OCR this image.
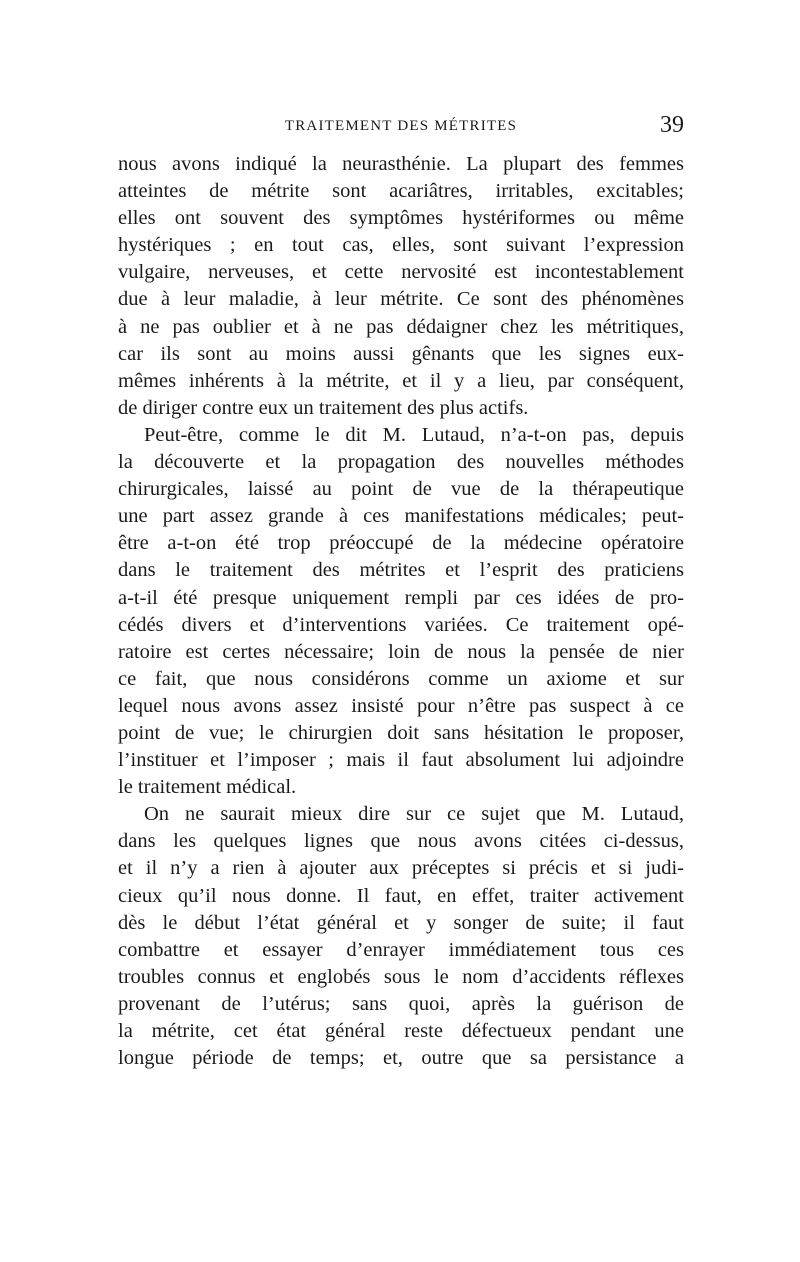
TRAITEMENT DES MÉTRITES	39
nous avons indiqué la neurasthénie. La plupart des femmes
atteintes de métrite sont acariâtres, irritables, excitables;
elles ont souvent des symptômes hystériformes ou même
hystériques ; en tout cas, elles, sont suivant l’expression
vulgaire, nerveuses, et cette nervosité est incontestablement
due à leur maladie, à leur métrite. Ce sont des phénomènes
à ne pas oublier et à ne pas dédaigner chez les métritiques,
car ils sont au moins aussi gênants que les signes eux-
mêmes inhérents à la métrite, et il y a lieu, par conséquent,
de diriger contre eux un traitement des plus actifs.
Peut-être, comme le dit M. Lutaud, n’a-t-on pas, depuis
la découverte et la propagation des nouvelles méthodes
chirurgicales, laissé au point de vue de la thérapeutique
une part assez grande à ces manifestations médicales; peut-
être a-t-on été trop préoccupé de la médecine opératoire
dans le traitement des métrites et l’esprit des praticiens
a-t-il été presque uniquement rempli par ces idées de pro-
cédés divers et d’interventions variées. Ce traitement opé-
ratoire est certes nécessaire; loin de nous la pensée de nier
ce fait, que nous considérons comme un axiome et sur
lequel nous avons assez insisté pour n’être pas suspect à ce
point de vue; le chirurgien doit sans hésitation le proposer,
l’instituer et l’imposer ; mais il faut absolument lui adjoindre
le traitement médical.
On ne saurait mieux dire sur ce sujet que M. Lutaud,
dans les quelques lignes que nous avons citées ci-dessus,
et il n’y a rien à ajouter aux préceptes si précis et si judi-
cieux qu’il nous donne. Il faut, en effet, traiter activement
dès le début l’état général et y songer de suite; il faut
combattre et essayer d’enrayer immédiatement tous ces
troubles connus et englobés sous le nom d’accidents réflexes
provenant de l’utérus; sans quoi, après la guérison de
la métrite, cet état général reste défectueux pendant une
longue période de temps; et, outre que sa persistance a
